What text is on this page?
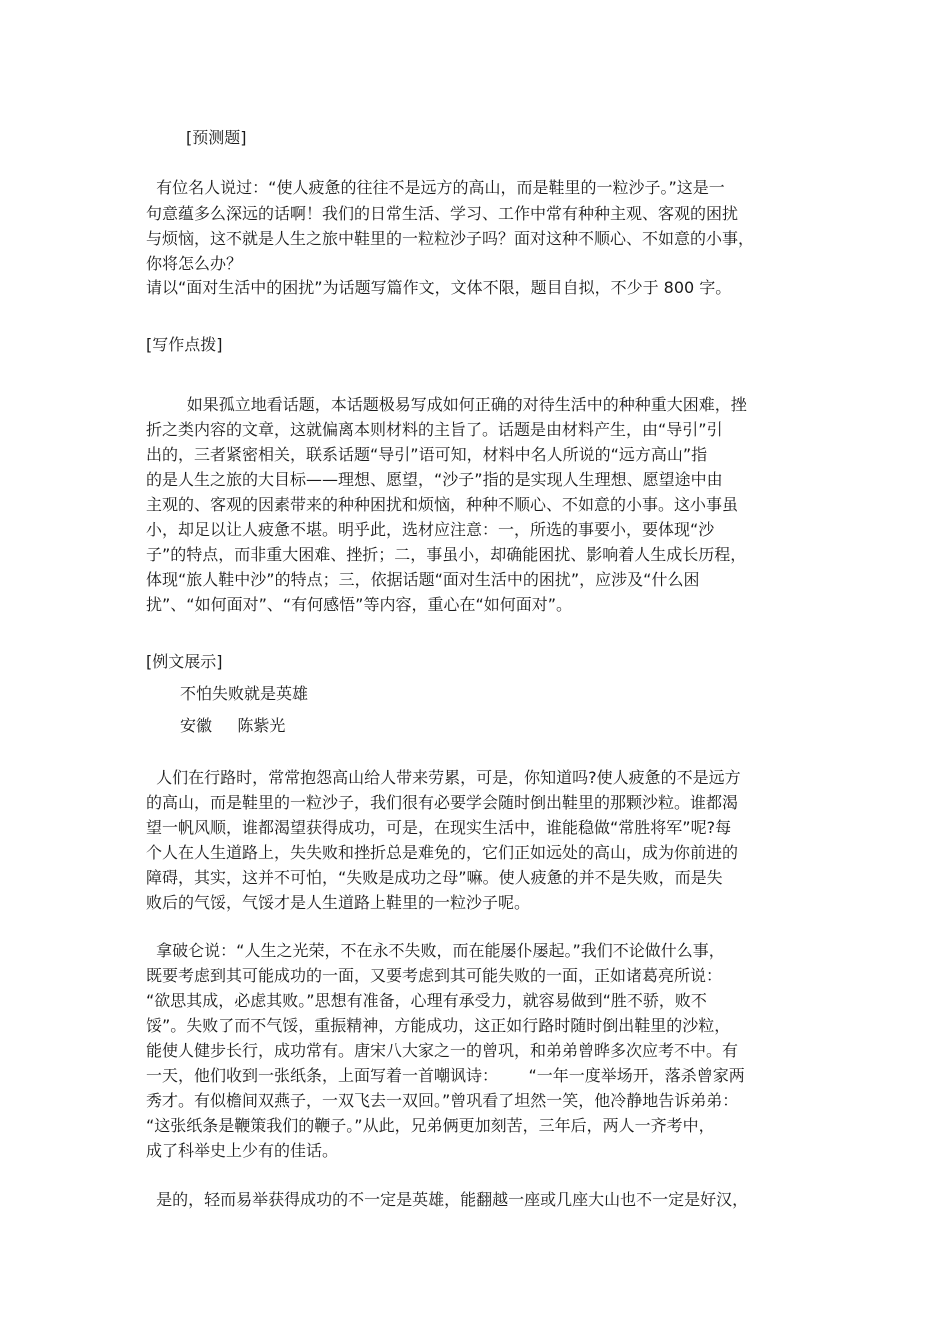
[预测题]
有位名人说过：“使人疲惫的往往不是远方的高山，而是鞋里的一粒沙子。”这是一
句意蕴多么深远的话啊！我们的日常生活、学习、工作中常有种种主观、客观的困扰
与烦恼，这不就是人生之旅中鞋里的一粒粒沙子吗？面对这种不顺心、不如意的小事，
你将怎么办？
请以“面对生活中的困扰”为话题写篇作文，文体不限，题目自拟，不少于 800 字。
[写作点拨]
如果孤立地看话题，本话题极易写成如何正确的对待生活中的种种重大困难，挫
折之类内容的文章，这就偏离本则材料的主旨了。话题是由材料产生，由“导引”引
出的，三者紧密相关，联系话题“导引”语可知，材料中名人所说的“远方高山”指
的是人生之旅的大目标——理想、愿望，“沙子”指的是实现人生理想、愿望途中由
主观的、客观的因素带来的种种困扰和烦恼，种种不顺心、不如意的小事。这小事虽
小，却足以让人疲惫不堪。明乎此，选材应注意：一，所选的事要小，要体现“沙
子”的特点，而非重大困难、挫折；二，事虽小，却确能困扰、影响着人生成长历程，
体现“旅人鞋中沙”的特点；三，依据话题“面对生活中的困扰”，应涉及“什么困
扰”、“如何面对”、“有何感悟”等内容，重心在“如何面对”。
[例文展示]
不怕失败就是英雄
安徽     陈紫光
人们在行路时，常常抱怨高山给人带来劳累，可是，你知道吗?使人疲惫的不是远方
的高山，而是鞋里的一粒沙子，我们很有必要学会随时倒出鞋里的那颗沙粒。谁都渴
望一帆风顺，谁都渴望获得成功，可是，在现实生活中，谁能稳做“常胜将军”呢?每
个人在人生道路上，失失败和挫折总是难免的，它们正如远处的高山，成为你前进的
障碍，其实，这并不可怕，“失败是成功之母”嘛。使人疲惫的并不是失败，而是失
败后的气馁，气馁才是人生道路上鞋里的一粒沙子呢。
拿破仑说：“人生之光荣，不在永不失败，而在能屡仆屡起。”我们不论做什么事，
既要考虑到其可能成功的一面，又要考虑到其可能失败的一面，正如诸葛亮所说：
“欲思其成，必虑其败。”思想有准备，心理有承受力，就容易做到“胜不骄，败不
馁”。失败了而不气馁，重振精神，方能成功，这正如行路时随时倒出鞋里的沙粒，
能使人健步长行，成功常有。唐宋八大家之一的曾巩，和弟弟曾晔多次应考不中。有
一天，他们收到一张纸条，上面写着一首嘲讽诗：      “一年一度举场开，落杀曾家两
秀才。有似檐间双燕子，一双飞去一双回。”曾巩看了坦然一笑，他冷静地告诉弟弟：
“这张纸条是鞭策我们的鞭子。”从此，兄弟俩更加刻苦，三年后，两人一齐考中，
成了科举史上少有的佳话。
是的，轻而易举获得成功的不一定是英雄，能翻越一座或几座大山也不一定是好汉，
